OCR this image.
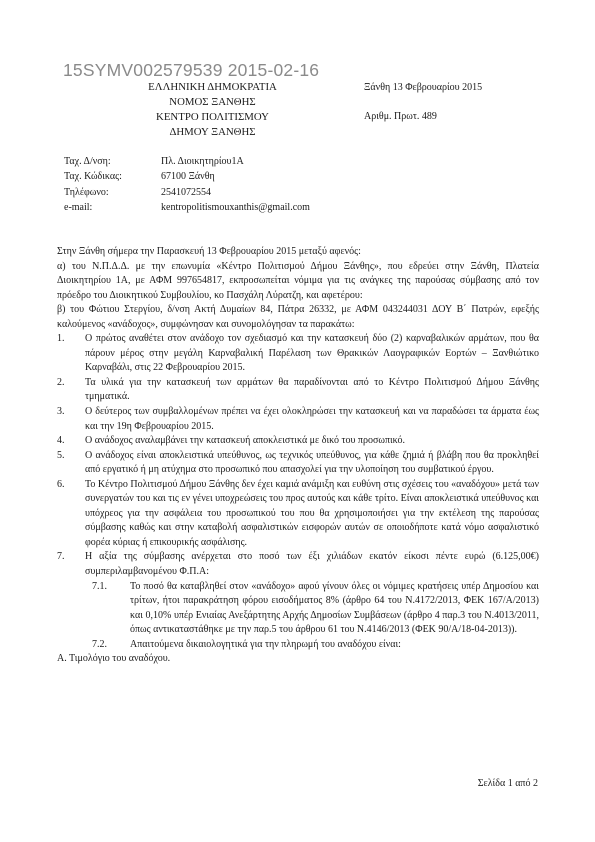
15SYMV002579539 2015-02-16
ΕΛΛΗΝΙΚΗ ΔΗΜΟΚΡΑΤΙΑ
ΝΟΜΟΣ ΞΑΝΘΗΣ
ΚΕΝΤΡΟ ΠΟΛΙΤΙΣΜΟΥ
ΔΗΜΟΥ ΞΑΝΘΗΣ
Ξάνθη 13 Φεβρουαρίου 2015
Αριθμ. Πρωτ. 489
Ταχ. Δ/νση:	Πλ. Διοικητηρίου1Α
Ταχ. Κώδικας:	67100 Ξάνθη
Τηλέφωνο:	2541072554
e-mail:	kentropolitismouxanthis@gmail.com

Στην Ξάνθη σήμερα την Παρασκευή 13 Φεβρουαρίου 2015 μεταξύ αφενός:

α) του Ν.Π.Δ.Δ. με την επωνυμία «Κέντρο Πολιτισμού Δήμου Ξάνθης», που εδρεύει στην Ξάνθη, Πλατεία Διοικητηρίου 1Α, με ΑΦΜ 997654817, εκπροσωπείται νόμιμα για τις ανάγκες της παρούσας σύμβασης από τον πρόεδρο του Διοικητικού Συμβουλίου, κο Πασχάλη Λύρατζη, και αφετέρου:

β) του Φώτιου Στεργίου, δ/νση Ακτή Δυμαίων 84, Πάτρα 26332, με ΑΦΜ 043244031 ΔΟΥ Β΄ Πατρών, εφεξής καλούμενος «ανάδοχος», συμφώνησαν και συνομολόγησαν τα παρακάτω:

1.	Ο πρώτος αναθέτει στον ανάδοχο τον σχεδιασμό και την κατασκευή δύο (2) καρναβαλικών αρμάτων, που θα πάρουν μέρος στην μεγάλη Καρναβαλική Παρέλαση των Θρακικών Λαογραφικών Εορτών – Ξανθιώτικο Καρναβάλι, στις 22 Φεβρουαρίου 2015.
2.	Τα υλικά για την κατασκευή των αρμάτων θα παραδίνονται από το Κέντρο Πολιτισμού Δήμου Ξάνθης τμηματικά.
3.	Ο δεύτερος των συμβαλλομένων πρέπει να έχει ολοκληρώσει την κατασκευή και να παραδώσει τα άρματα έως και την 19η Φεβρουαρίου 2015.
4.	Ο ανάδοχος αναλαμβάνει την κατασκευή αποκλειστικά με δικό του προσωπικό.
5.	Ο ανάδοχος είναι αποκλειστικά υπεύθυνος, ως τεχνικός υπεύθυνος, για κάθε ζημιά ή βλάβη που θα προκληθεί από εργατικό ή μη ατύχημα στο προσωπικό που απασχολεί για την υλοποίηση του συμβατικού έργου.
6.	Το Κέντρο Πολιτισμού Δήμου Ξάνθης δεν έχει καμιά ανάμιξη και ευθύνη στις σχέσεις του «αναδόχου» μετά των συνεργατών του και τις εν γένει υποχρεώσεις του προς αυτούς και κάθε τρίτο. Είναι αποκλειστικά υπεύθυνος και υπόχρεος για την ασφάλεια του προσωπικού του που θα χρησιμοποιήσει για την εκτέλεση της παρούσας σύμβασης καθώς και στην καταβολή ασφαλιστικών εισφορών αυτών σε οποιοδήποτε κατά νόμο ασφαλιστικό φορέα κύριας ή επικουρικής ασφάλισης.
7.	Η αξία της σύμβασης ανέρχεται στο ποσό των έξι χιλιάδων εκατόν είκοσι πέντε ευρώ (6.125,00€) συμπεριλαμβανομένου Φ.Π.Α:
7.1.	Το ποσό θα καταβληθεί στον «ανάδοχο» αφού γίνουν όλες οι νόμιμες κρατήσεις υπέρ Δημοσίου και τρίτων, ήτοι παρακράτηση φόρου εισοδήματος 8% (άρθρο 64 του Ν.4172/2013, ΦΕΚ 167/Α/2013) και 0,10% υπέρ Ενιαίας Ανεξάρτητης Αρχής Δημοσίων Συμβάσεων (άρθρο 4 παρ.3 του Ν.4013/2011, όπως αντικαταστάθηκε με την παρ.5 του άρθρου 61 του Ν.4146/2013 (ΦΕΚ 90/Α/18-04-2013)).
7.2.	Απαιτούμενα δικαιολογητικά για την πληρωμή του αναδόχου είναι:

Α. Τιμολόγιο του αναδόχου.

Σελίδα 1 από 2
